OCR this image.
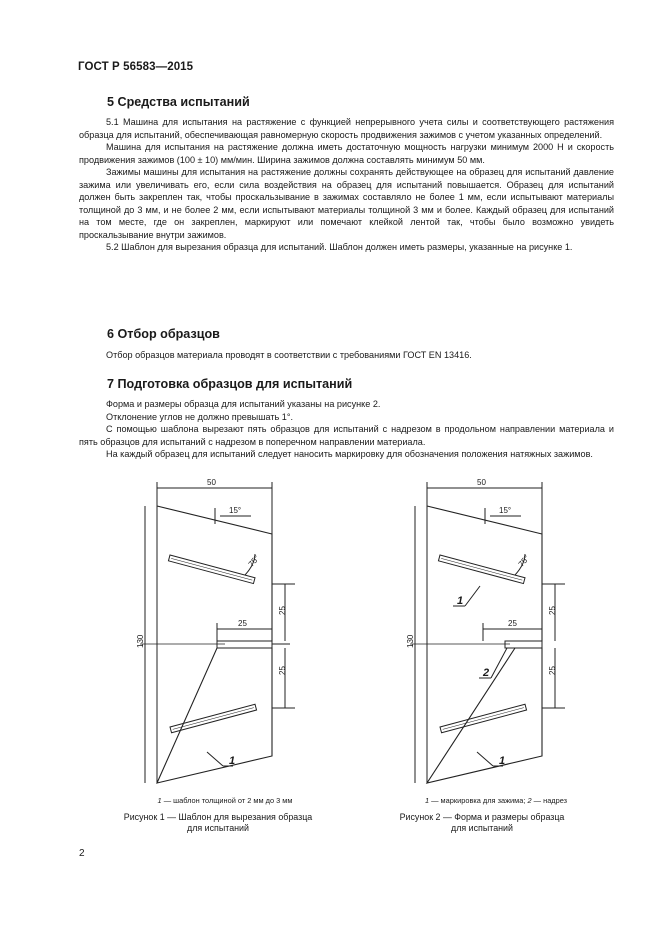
ГОСТ Р 56583—2015
5 Средства испытаний

5.1 Машина для испытания на растяжение с функцией непрерывного учета силы и соответствующего растяжения образца для испытаний, обеспечивающая равномерную скорость продвижения зажимов с учетом указанных определений.

Машина для испытания на растяжение должна иметь достаточную мощность нагрузки минимум 2000 Н и скорость продвижения зажимов (100 ± 10) мм/мин. Ширина зажимов должна составлять минимум 50 мм.

Зажимы машины для испытания на растяжение должны сохранять действующее на образец для испытаний давление зажима или увеличивать его, если сила воздействия на образец для испытаний повышается. Образец для испытаний должен быть закреплен так, чтобы проскальзывание в зажимах составляло не более 1 мм, если испытывают материалы толщиной до 3 мм, и не более 2 мм, если испытывают материалы толщиной 3 мм и более. Каждый образец для испытаний на том месте, где он закреплен, маркируют или помечают клейкой лентой так, чтобы было возможно увидеть проскальзывание внутри зажимов.

5.2 Шаблон для вырезания образца для испытаний. Шаблон должен иметь размеры, указанные на рисунке 1.

6 Отбор образцов

Отбор образцов материала проводят в соответствии с требованиями ГОСТ EN 13416.

7 Подготовка образцов для испытаний

Форма и размеры образца для испытаний указаны на рисунке 2.

Отклонение углов не должно превышать 1°.

С помощью шаблона вырезают пять образцов для испытаний с надрезом в продольном направлении материала и пять образцов для испытаний с надрезом в поперечном направлении материала.

На каждый образец для испытаний следует наносить маркировку для обозначения положения натяжных зажимов.

50
15°
75°
25
25
25
130
1
1 — шаблон толщиной от 2 мм до 3 мм
Рисунок 1 — Шаблон для вырезания образца
для испытаний
50
15°
75°
25
25
25
130
1
2
1
1 — маркировка для зажима; 2 — надрез
Рисунок 2 — Форма и размеры образца
для испытаний
2
